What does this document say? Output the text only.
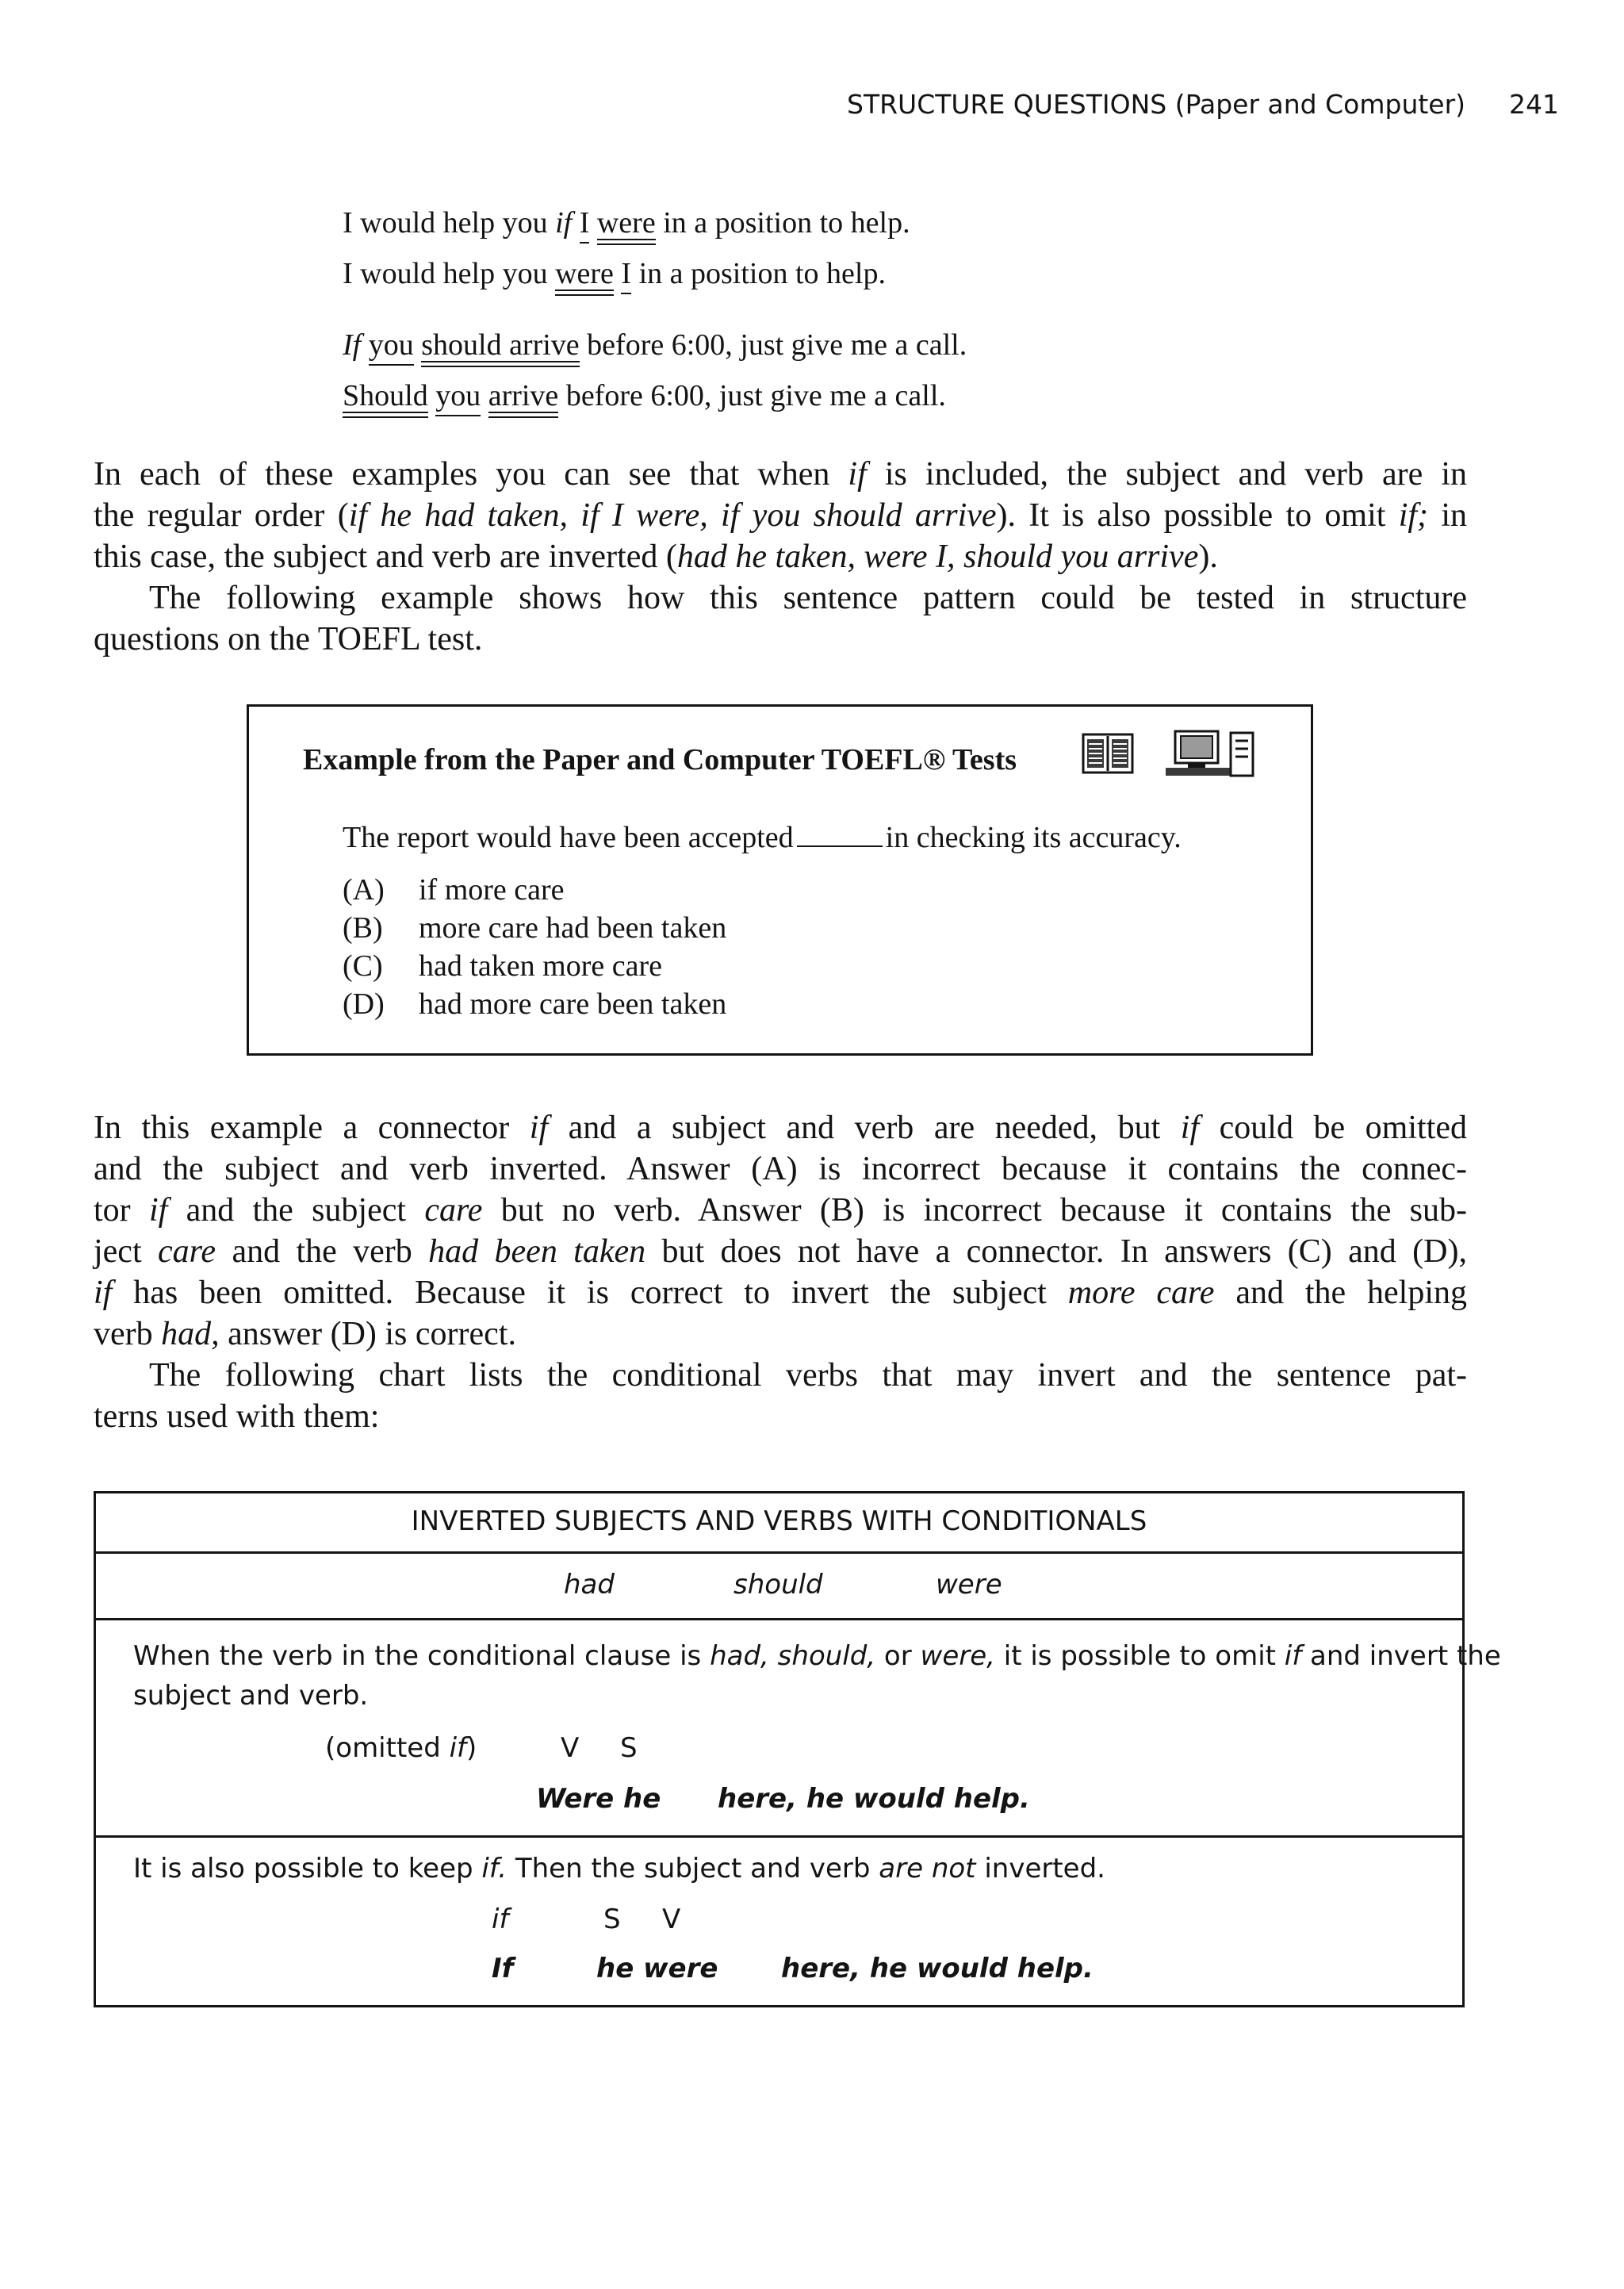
STRUCTURE QUESTIONS (Paper and Computer) 241
I would help you if I were in a position to help.
I would help you were I in a position to help.
If you should arrive before 6:00, just give me a call.
Should you arrive before 6:00, just give me a call.
In each of these examples you can see that when if is included, the subject and verb are in
the regular order (if he had taken, if I were, if you should arrive). It is also possible to omit if; in
this case, the subject and verb are inverted (had he taken, were I, should you arrive).
The following example shows how this sentence pattern could be tested in structure
questions on the TOEFL test.
Example from the Paper and Computer TOEFL® Tests
The report would have been accepted	in checking its accuracy.
(A) if more care
(B) more care had been taken
(C) had taken more care
(D) had more care been taken
In this example a connector if and a subject and verb are needed, but if could be omitted
and the subject and verb inverted. Answer (A) is incorrect because it contains the connec-
tor if and the subject care but no verb. Answer (B) is incorrect because it contains the sub-
ject care and the verb had been taken but does not have a connector. In answers (C) and (D),
if has been omitted. Because it is correct to invert the subject more care and the helping
verb had, answer (D) is correct.
The following chart lists the conditional verbs that may invert and the sentence pat-
terns used with them:
INVERTED SUBJECTS AND VERBS WITH CONDITIONALS
had	should	were
When the verb in the conditional clause is had, should, or were, it is possible to omit if and invert the
subject and verb.
(omitted if)	V S
Were he here, he would help.
It is also possible to keep if. Then the subject and verb are not inverted.
if	S V
If	he were here, he would help.
